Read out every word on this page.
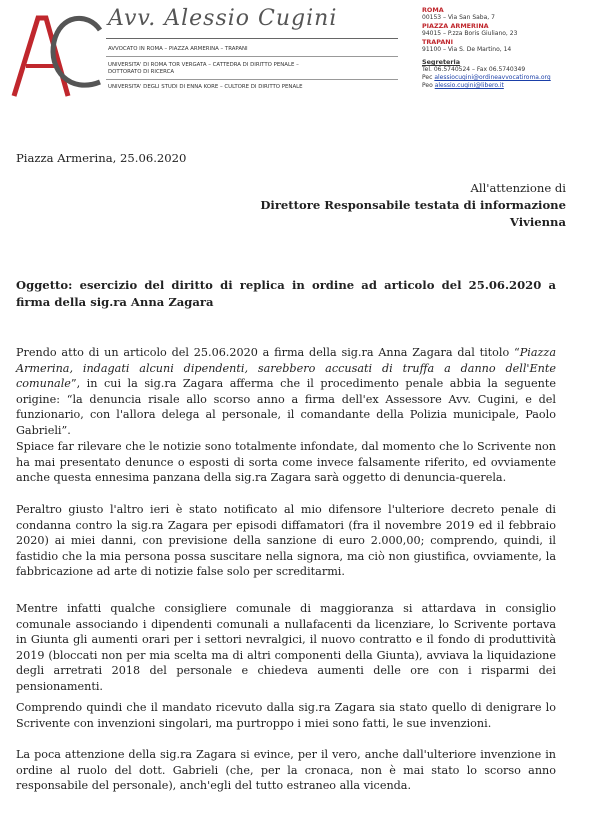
Avv. Alessio Cugini
AVVOCATO IN ROMA – PIAZZA ARMERINA – TRAPANI
UNIVERSITA' DI ROMA TOR VERGATA – CATTEDRA DI DIRITTO PENALE –
DOTTORATO DI RICERCA
UNIVERSITA' DEGLI STUDI DI ENNA KORE – CULTORE DI DIRITTO PENALE
ROMA
00153 – Via San Saba, 7
PIAZZA ARMERINA
94015 – P.zza Boris Giuliano, 23
TRAPANI
91100 – Via S. De Martino, 14
Segreteria
Tel. 06.5740524 – Fax 06.5740349
Pec alessiocugini@ordineavvocatiroma.org
Peo alessio.cugini@libero.it
Piazza Armerina, 25.06.2020
All'attenzione di
Direttore Responsabile testata di informazione
Vivienna
Oggetto: esercizio del diritto di replica in ordine ad articolo del 25.06.2020 a firma della sig.ra Anna Zagara
Prendo atto di un articolo del 25.06.2020 a firma della sig.ra Anna Zagara dal titolo “Piazza Armerina, indagati alcuni dipendenti, sarebbero accusati di truffa a danno dell'Ente comunale”, in cui la sig.ra Zagara afferma che il procedimento penale abbia la seguente origine: “la denuncia risale allo scorso anno a firma dell'ex Assessore Avv. Cugini, e del funzionario, con l'allora delega al personale, il comandante della Polizia municipale, Paolo Gabrieli”.
Spiace far rilevare che le notizie sono totalmente infondate, dal momento che lo Scrivente non ha mai presentato denunce o esposti di sorta come invece falsamente riferito, ed ovviamente anche questa ennesima panzana della sig.ra Zagara sarà oggetto di denuncia-querela.
Peraltro giusto l'altro ieri è stato notificato al mio difensore l'ulteriore decreto penale di condanna contro la sig.ra Zagara per episodi diffamatori (fra il novembre 2019 ed il febbraio 2020) ai miei danni, con previsione della sanzione di euro 2.000,00; comprendo, quindi, il fastidio che la mia persona possa suscitare nella signora, ma ciò non giustifica, ovviamente, la fabbricazione ad arte di notizie false solo per screditarmi.
Mentre infatti qualche consigliere comunale di maggioranza si attardava in consiglio comunale associando i dipendenti comunali a nullafacenti da licenziare, lo Scrivente portava in Giunta gli aumenti orari per i settori nevralgici, il nuovo contratto e il fondo di produttività 2019 (bloccati non per mia scelta ma di altri componenti della Giunta), avviava la liquidazione degli arretrati 2018 del personale e chiedeva aumenti delle ore con i risparmi dei pensionamenti.
Comprendo quindi che il mandato ricevuto dalla sig.ra Zagara sia stato quello di denigrare lo Scrivente con invenzioni singolari, ma purtroppo i miei sono fatti, le sue invenzioni.
La poca attenzione della sig.ra Zagara si evince, per il vero, anche dall'ulteriore invenzione in ordine al ruolo del dott. Gabrieli (che, per la cronaca, non è mai stato lo scorso anno responsabile del personale), anch'egli del tutto estraneo alla vicenda.
